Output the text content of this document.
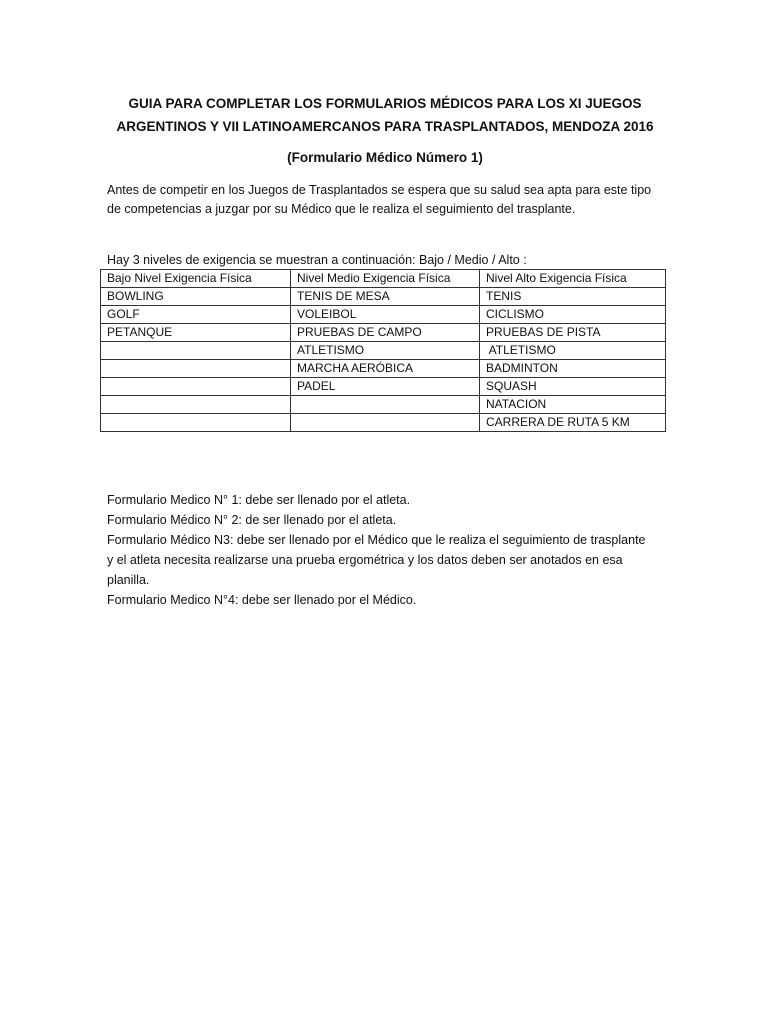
GUIA PARA COMPLETAR LOS FORMULARIOS MÉDICOS PARA LOS XI JUEGOS
ARGENTINOS Y VII LATINOAMERCANOS PARA TRASPLANTADOS, MENDOZA 2016
(Formulario Médico Número 1)
Antes de competir en los Juegos de Trasplantados se espera que su salud sea apta para este tipo
de competencias a juzgar por su Médico que le realiza el seguimiento del trasplante.
Hay 3 niveles de exigencia se muestran a continuación: Bajo / Medio / Alto :
Bajo Nivel Exigencia Física	Nivel Medio Exigencia Física	Nivel Alto Exigencia Física
BOWLING	TENIS DE MESA	TENIS
GOLF	VOLEIBOL	CICLISMO
PETANQUE	PRUEBAS DE CAMPO	PRUEBAS DE PISTA
	ATLETISMO	ATLETISMO
	MARCHA AERÓBICA	BADMINTON
	PADEL	SQUASH
		NATACION
		CARRERA DE RUTA 5 KM

Formulario Medico N° 1: debe ser llenado por el atleta.

Formulario Médico N° 2: de ser llenado por el atleta.

Formulario Médico N3: debe ser llenado por el Médico que le realiza el seguimiento de trasplante

y el atleta necesita realizarse una prueba ergométrica y los datos deben ser anotados en esa

planilla.

Formulario Medico N°4: debe ser llenado por el Médico.
